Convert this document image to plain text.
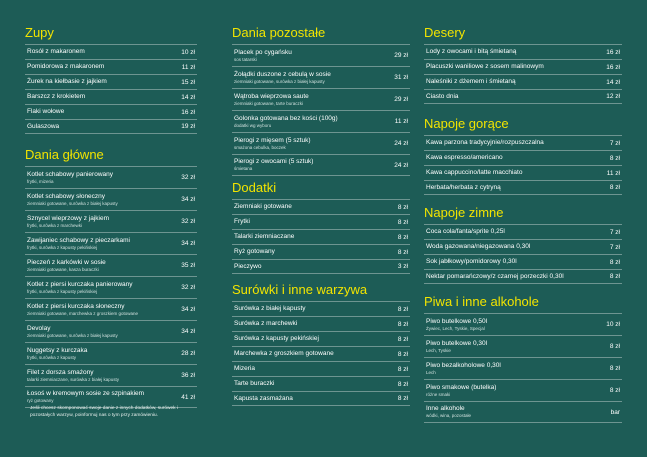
Zupy
Rosół z makaronem	10 zł
Pomidorowa z makaronem	11 zł
Żurek na kiełbasie z jajkiem	15 zł
Barszcz z krokietem	14 zł
Flaki wołowe	16 zł
Gulaszowa	19 zł
Dania główne
Kotlet schabowy panierowany
frytki, mizeria	32 zł
Kotlet schabowy słoneczny
ziemniaki gotowane, surówka z białej kapusty	34 zł
Sznycel wieprzowy z jajkiem
frytki, surówka z marchewki	32 zł
Zawijaniec schabowy z pieczarkami
frytki, surówka z kapusty pekińskiej	34 zł
Pieczeń z karkówki w sosie
ziemniaki gotowane, kasza buraczki	35 zł
Kotlet z piersi kurczaka panierowany
frytki, surówka z kapusty pekińskiej	32 zł
Kotlet z piersi kurczaka słoneczny
ziemniaki gotowane, marchewka z groszkiem gotowane	34 zł
Devolay
ziemniaki gotowane, surówka z białej kapusty	34 zł
Nuggetsy z kurczaka
frytki, surówka z kapusty	28 zł
Filet z dorsza smażony
talarki ziemniaczane, surówka z białej kapusty	36 zł
Łosoś w kremowym sosie ze szpinakiem
ryż gotowany	41 zł
Jeśli chcesz skomponować swoje danie z innych dodatków, surówek i pozostałych warzyw, poinformuj nas o tym przy zamówieniu.
Dania pozostałe
Placek po cygańsku
sos tatarski	29 zł
Żołądki duszone z cebulą w sosie
ziemniaki gotowane, surówka z białej kapusty	31 zł
Wątroba wieprzowa saute
ziemniaki gotowane, tarte buraczki	29 zł
Golonka gotowana bez kości (100g)
dodatki wg wyboru	11 zł
Pierogi z mięsem (5 sztuk)
smażona cebulka, boczek	24 zł
Pierogi z owocami (5 sztuk)
śmietana	24 zł
Dodatki
Ziemniaki gotowane	8 zł
Frytki	8 zł
Talarki ziemniaczane	8 zł
Ryż gotowany	8 zł
Pieczywo	3 zł
Surówki i inne warzywa
Surówka z białej kapusty	8 zł
Surówka z marchewki	8 zł
Surówka z kapusty pekińskiej	8 zł
Marchewka z groszkiem gotowane	8 zł
Mizeria	8 zł
Tarte buraczki	8 zł
Kapusta zasmażana	8 zł
Desery
Lody z owocami i bitą śmietaną	16 zł
Placuszki waniliowe z sosem malinowym	16 zł
Naleśniki z dżemem i śmietaną	14 zł
Ciasto dnia	12 zł
Napoje gorące
Kawa parzona tradycyjnie/rozpuszczalna	7 zł
Kawa espresso/americano	8 zł
Kawa cappuccino/latte macchiato	11 zł
Herbata/herbata z cytryną	8 zł
Napoje zimne
Coca cola/fanta/sprite 0,25l	7 zł
Woda gazowana/niegazowana 0,30l	7 zł
Sok jabłkowy/pomidorowy 0,30l	8 zł
Nektar pomarańczowy/z czarnej porzeczki 0,30l	8 zł
Piwa i inne alkohole
Piwo butelkowe 0,50l
Żywiec, Lech, Tyskie, Specjal	10 zł
Piwo butelkowe 0,30l
Lech, Tyskie	8 zł
Piwo bezalkoholowe 0,30l
Lech	8 zł
Piwo smakowe (butelka)
różne smaki	8 zł
Inne alkohole
wódki, wina, pozostałe	bar
